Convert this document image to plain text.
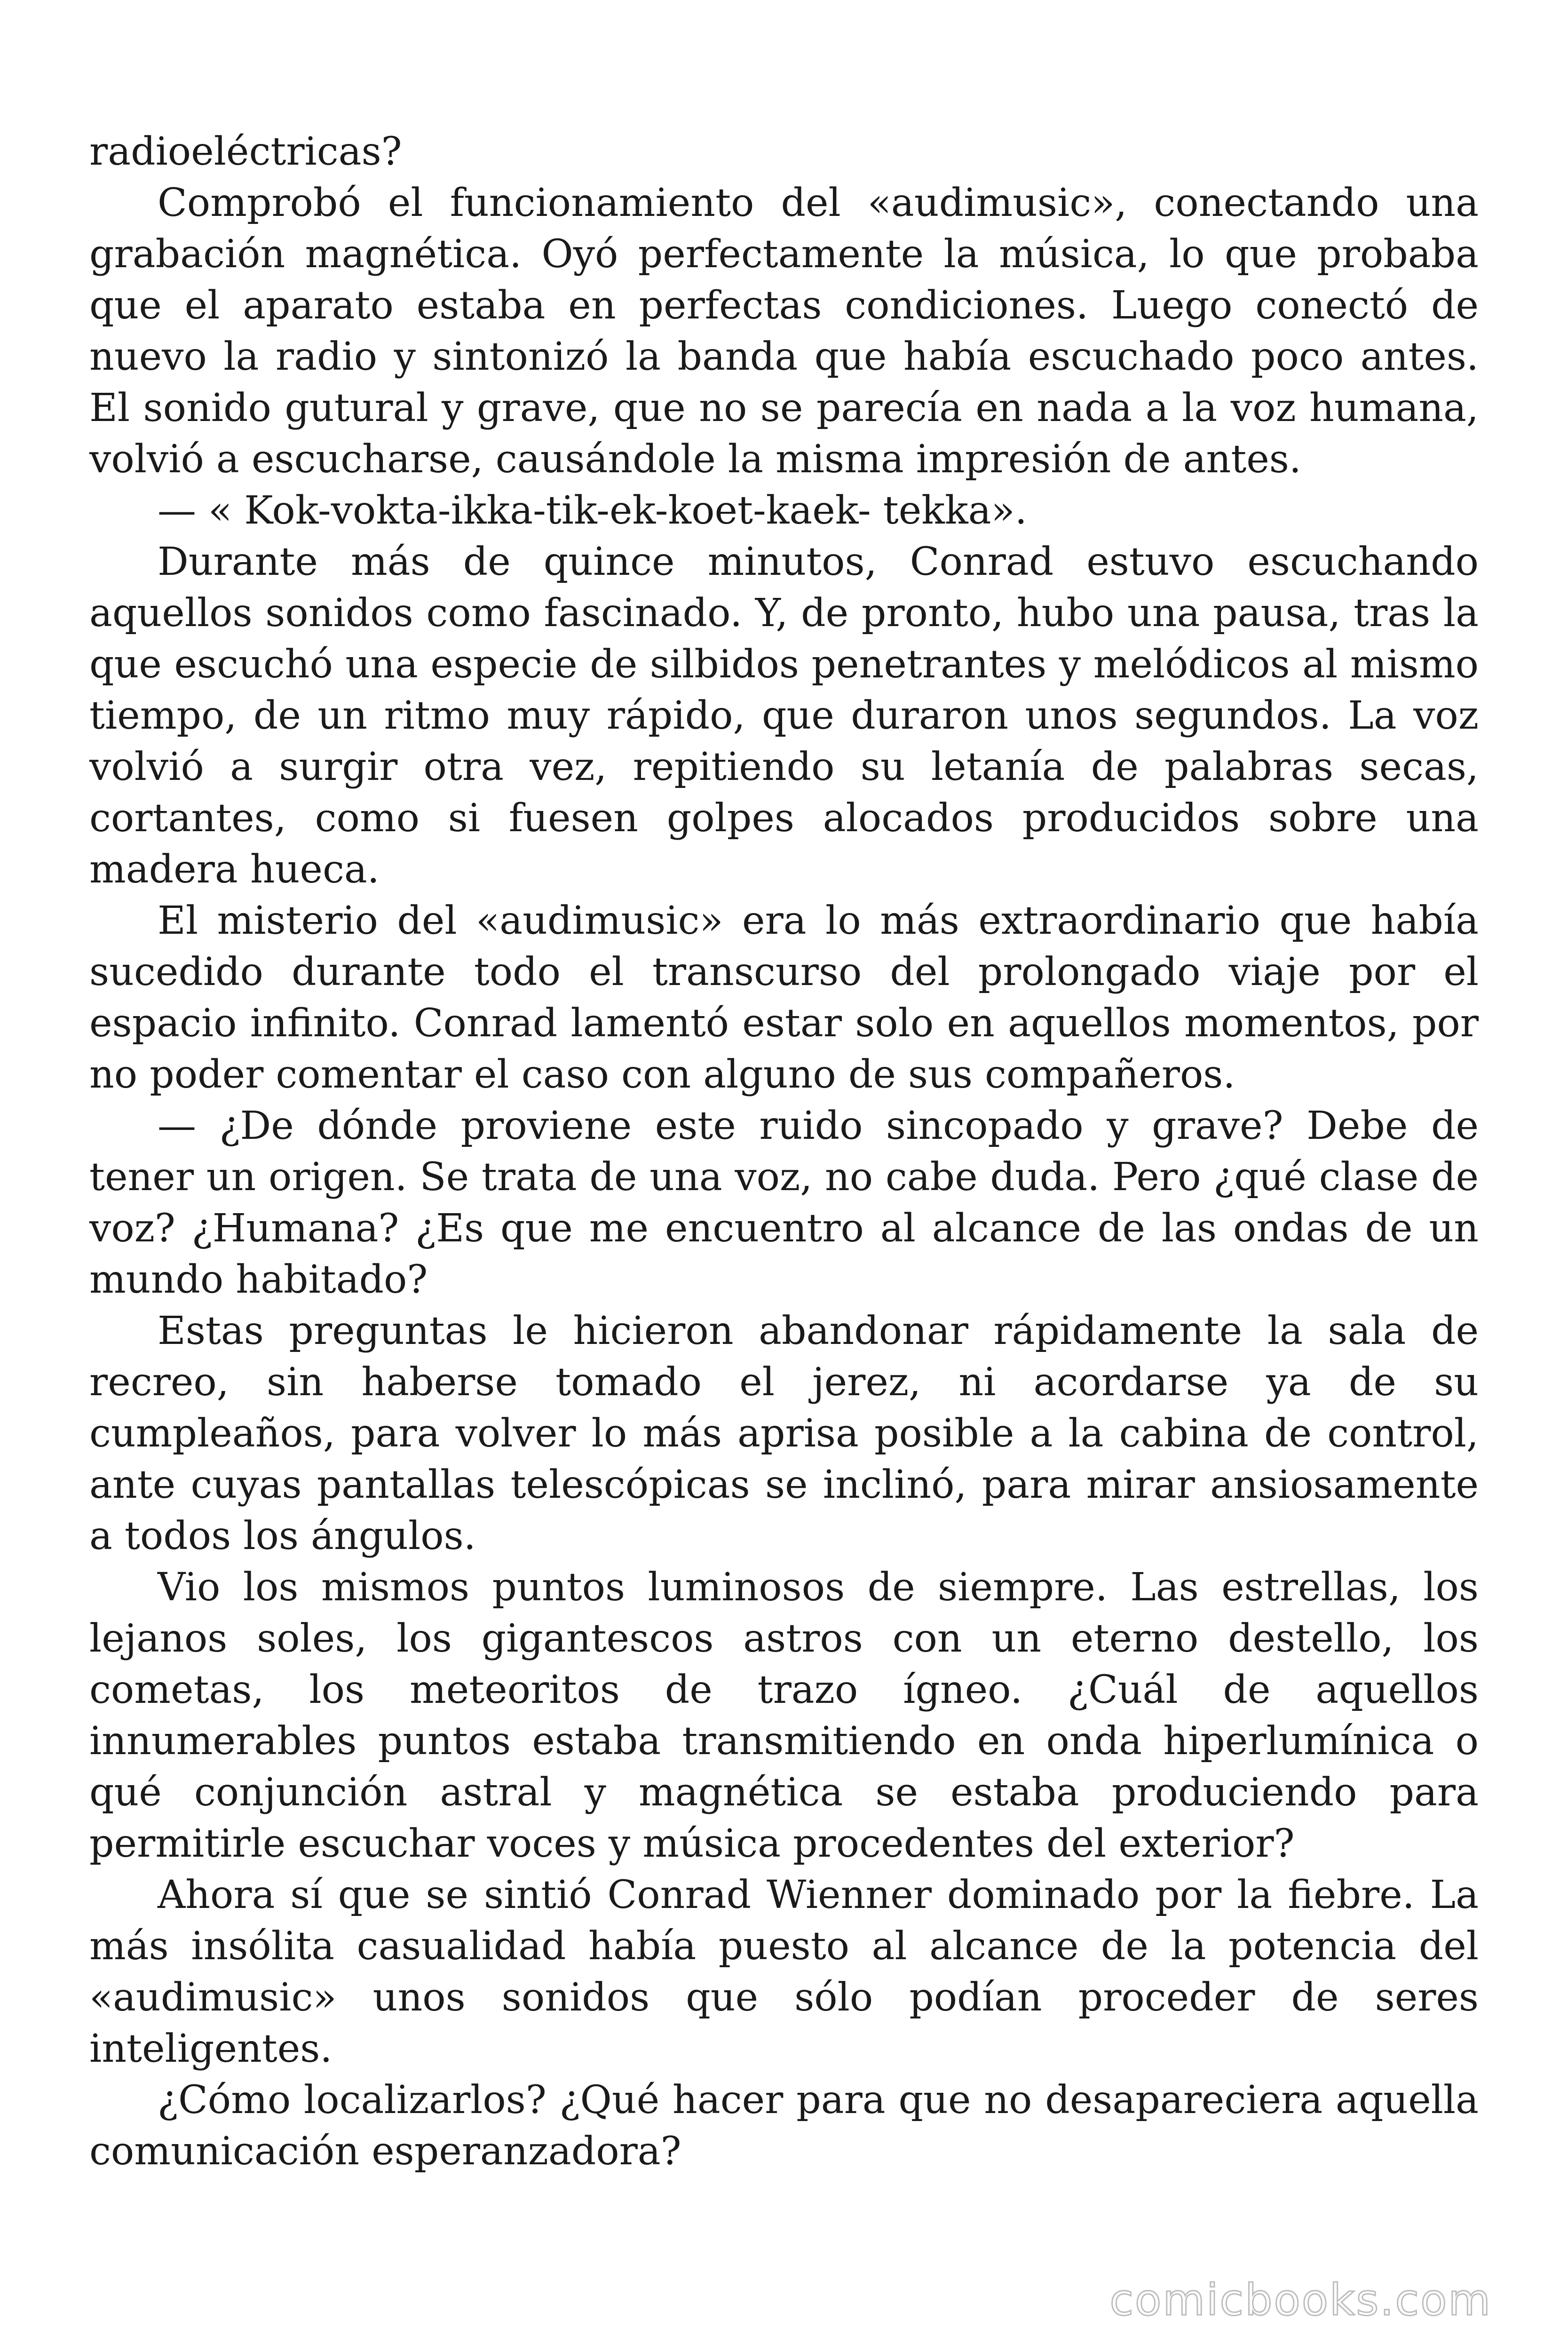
radioeléctricas?

Comprobó el funcionamiento del «audimusic», conectando una grabación magnética. Oyó perfectamente la música, lo que probaba que el aparato estaba en perfectas condiciones. Luego conectó de nuevo la radio y sintonizó la banda que había escuchado poco antes. El sonido gutural y grave, que no se parecía en nada a la voz humana, volvió a escucharse, causándole la misma impresión de antes.

— « Kok-vokta-ikka-tik-ek-koet-kaek- tekka».

Durante más de quince minutos, Conrad estuvo escuchando aquellos sonidos como fascinado. Y, de pronto, hubo una pausa, tras la que escuchó una especie de silbidos penetrantes y melódicos al mismo tiempo, de un ritmo muy rápido, que duraron unos segundos. La voz volvió a surgir otra vez, repitiendo su letanía de palabras secas, cortantes, como si fuesen golpes alocados producidos sobre una madera hueca.

El misterio del «audimusic» era lo más extraordinario que había sucedido durante todo el transcurso del prolongado viaje por el espacio infinito. Conrad lamentó estar solo en aquellos momentos, por no poder comentar el caso con alguno de sus compañeros.

— ¿De dónde proviene este ruido sincopado y grave? Debe de tener un origen. Se trata de una voz, no cabe duda. Pero ¿qué clase de voz? ¿Humana? ¿Es que me encuentro al alcance de las ondas de un mundo habitado?

Estas preguntas le hicieron abandonar rápidamente la sala de recreo, sin haberse tomado el jerez, ni acordarse ya de su cumpleaños, para volver lo más aprisa posible a la cabina de control, ante cuyas pantallas telescópicas se inclinó, para mirar ansiosamente a todos los ángulos.

Vio los mismos puntos luminosos de siempre. Las estrellas, los lejanos soles, los gigantescos astros con un eterno destello, los cometas, los meteoritos de trazo ígneo. ¿Cuál de aquellos innumerables puntos estaba transmitiendo en onda hiperlumínica o qué conjunción astral y magnética se estaba produciendo para permitirle escuchar voces y música procedentes del exterior?

Ahora sí que se sintió Conrad Wienner dominado por la fiebre. La más insólita casualidad había puesto al alcance de la potencia del «audimusic» unos sonidos que sólo podían proceder de seres inteligentes.

¿Cómo localizarlos? ¿Qué hacer para que no desapareciera aquella comunicación esperanzadora?

comicbooks.com
